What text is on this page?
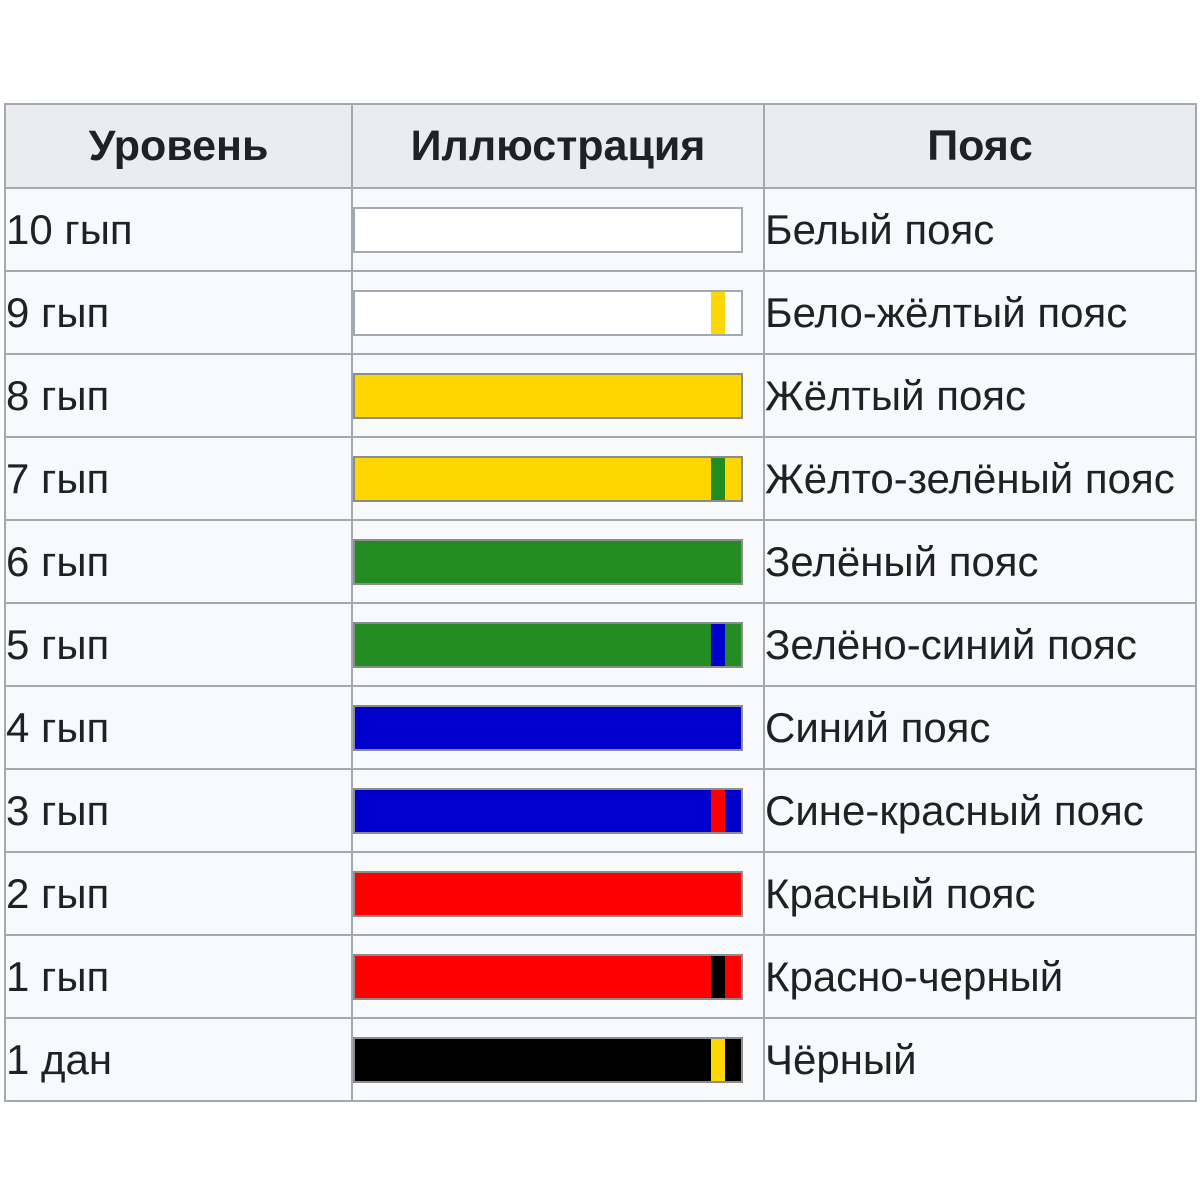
Уровень	Иллюстрация	Пояс
10 гып		Белый пояс
9 гып		Бело-жёлтый пояс
8 гып		Жёлтый пояс
7 гып		Жёлто-зелёный пояс
6 гып		Зелёный пояс
5 гып		Зелёно-синий пояс
4 гып		Синий пояс
3 гып		Сине-красный пояс
2 гып		Красный пояс
1 гып		Красно-черный
1 дан		Чёрный
